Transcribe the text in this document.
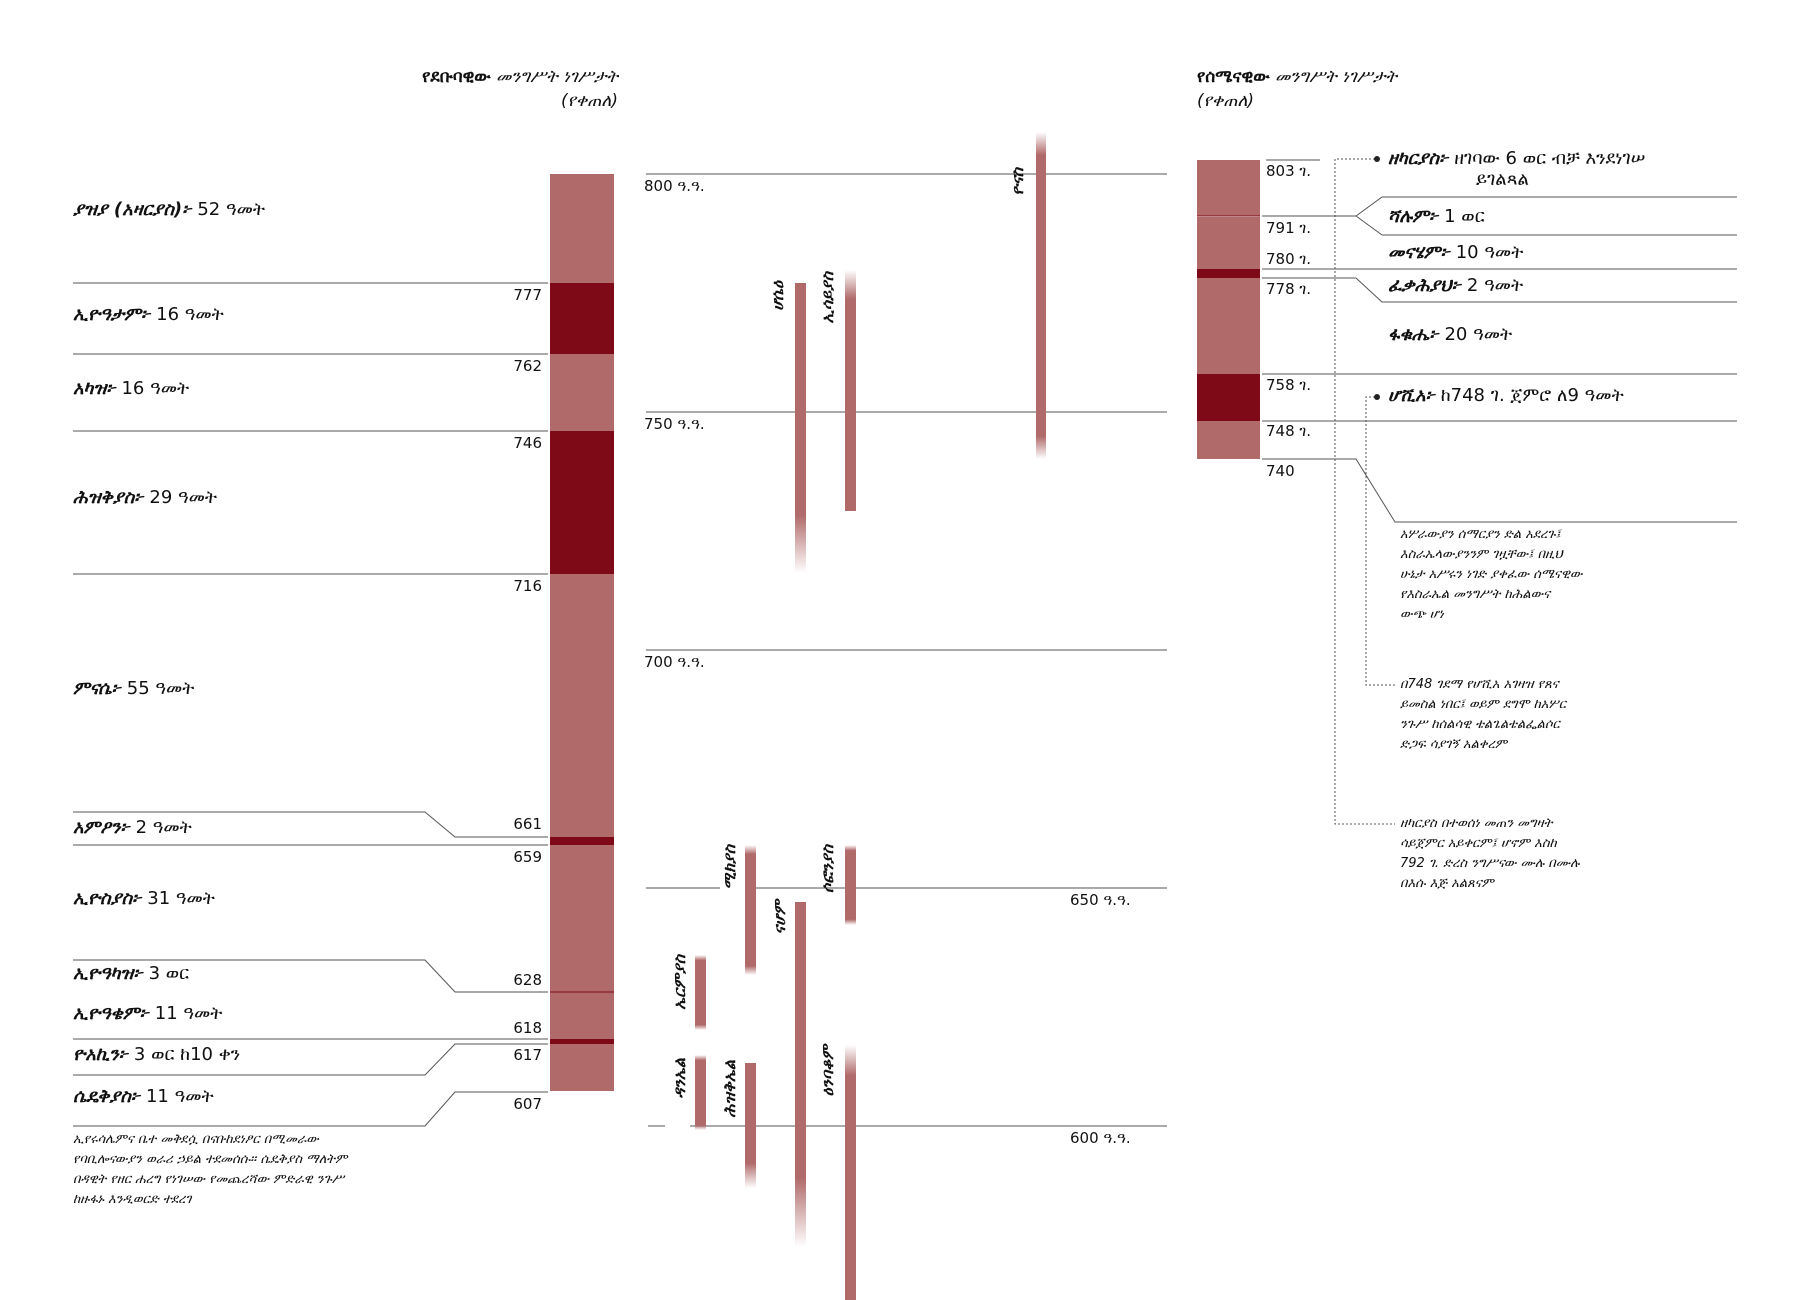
የደቡባዊው መንግሥት ነገሥታት
(የቀጠለ)
የሰሜናዊው መንግሥት ነገሥታት
(የቀጠለ)
ያዝያ (አዛርያስ)፦ 52 ዓመት
ኢዮዓታም፦ 16 ዓመት
አካዝ፦ 16 ዓመት
ሕዝቅያስ፦ 29 ዓመት
ምናሴ፦ 55 ዓመት
አምዖን፦ 2 ዓመት
ኢዮስያስ፦ 31 ዓመት
ኢዮዓካዝ፦ 3 ወር
ኢዮዓቄም፦ 11 ዓመት
ዮአኪን፦ 3 ወር ከ10 ቀን
ሴዴቅያስ፦ 11 ዓመት
777
762
746
716
661
659
628
618
617
607
ኢየሩሳሌምና ቤተ መቅደሷ በናቡከደነፆር በሚመራው
የባቢሎናውያን ወራሪ ኃይል ተደመሰሱ። ሴዴቅያስ ማለትም
በዳዊት የዘር ሐረግ የነገሠው የመጨረሻው ምድራዊ ንጉሥ
ከዙፋኑ እንዲወርድ ተደረገ
800 ዓ.ዓ.
750 ዓ.ዓ.
700 ዓ.ዓ.
650 ዓ.ዓ.
600 ዓ.ዓ.
ዮናስ
ሆሴዕ ኢሳይያስ
ሚክያስ	ሶፎንያስ
ናሆም
ኤርምያስ
ዕንባቆም
ዳንኤል ሕዝቅኤል
ዘካርያስ፦ ዘገባው 6 ወር ብቻ እንደነገሠ
ይገልጻል
ሻሉም፦ 1 ወር
መናሄም፦ 10 ዓመት
ፈቃሕያህ፦ 2 ዓመት
ፋቁሔ፦ 20 ዓመት
ሆሺአ፦ ከ748 ገ. ጀምሮ ለ9 ዓመት
803 ገ.
791 ገ.
780 ገ.
778 ገ.
758 ገ.
748 ገ.
740
አሦራውያን ሰማርያን ድል አደረጉ፤
እስራኤላውያንንም ገዟቸው፤ በዚህ
ሁኔታ አሥሩን ነገድ ያቀፈው ሰሜናዊው
የእስራኤል መንግሥት ከሕልውና
ውጭ ሆነ
በ748 ገደማ የሆሺአ አገዛዝ የጸና
ይመስል ነበር፤ ወይም ደግሞ ከአሦር
ንጉሥ ከሰልሳዊ ቴልጌልቴልፌልሶር
ድጋፍ ሳያገኝ አልቀረም
ዘካርያስ በተወሰነ መጠን መግዛት
ሳይጀምር አይቀርም፤ ሆኖም እስከ
792 ገ. ድረስ ንግሥናው ሙሉ በሙሉ
በእሱ እጅ አልጸናም
